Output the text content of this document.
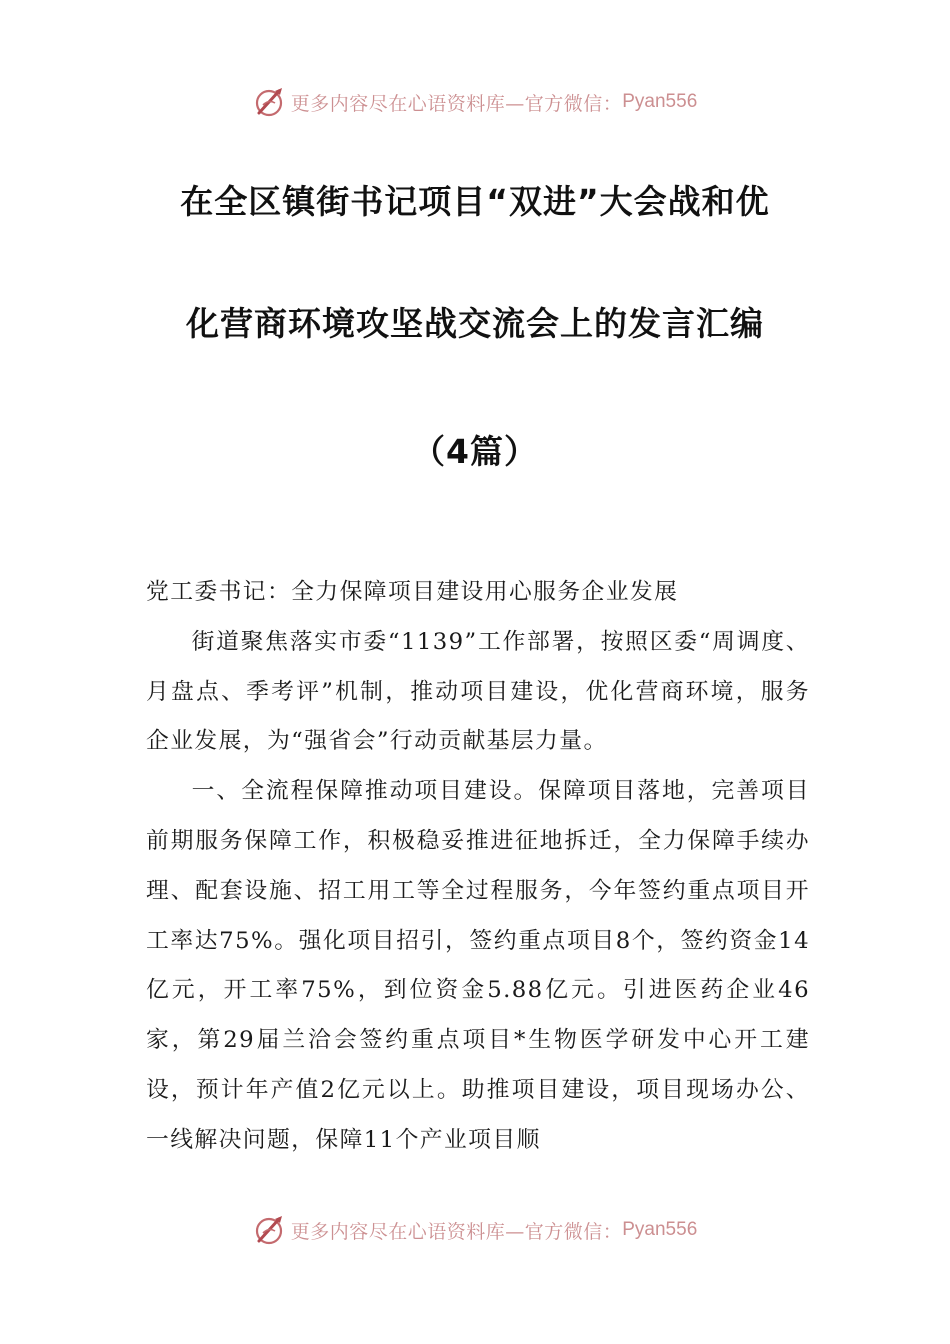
更多内容尽在心语资料库—官方微信： Pyan556
在全区镇街书记项目“双进”大会战和优
化营商环境攻坚战交流会上的发言汇编
（4篇）

党工委书记：全力保障项目建设用心服务企业发展

街道聚焦落实市委“1139”工作部署，按照区委“周调度、月盘点、季考评”机制，推动项目建设，优化营商环境，服务企业发展，为“强省会”行动贡献基层力量。

一、全流程保障推动项目建设。保障项目落地，完善项目前期服务保障工作，积极稳妥推进征地拆迁，全力保障手续办理、配套设施、招工用工等全过程服务，今年签约重点项目开工率达75%。强化项目招引，签约重点项目8个，签约资金14亿元，开工率75%，到位资金5.88亿元。引进医药企业46家，第29届兰洽会签约重点项目*生物医学研发中心开工建设，预计年产值2亿元以上。助推项目建设，项目现场办公、一线解决问题，保障11个产业项目顺

更多内容尽在心语资料库—官方微信： Pyan556
